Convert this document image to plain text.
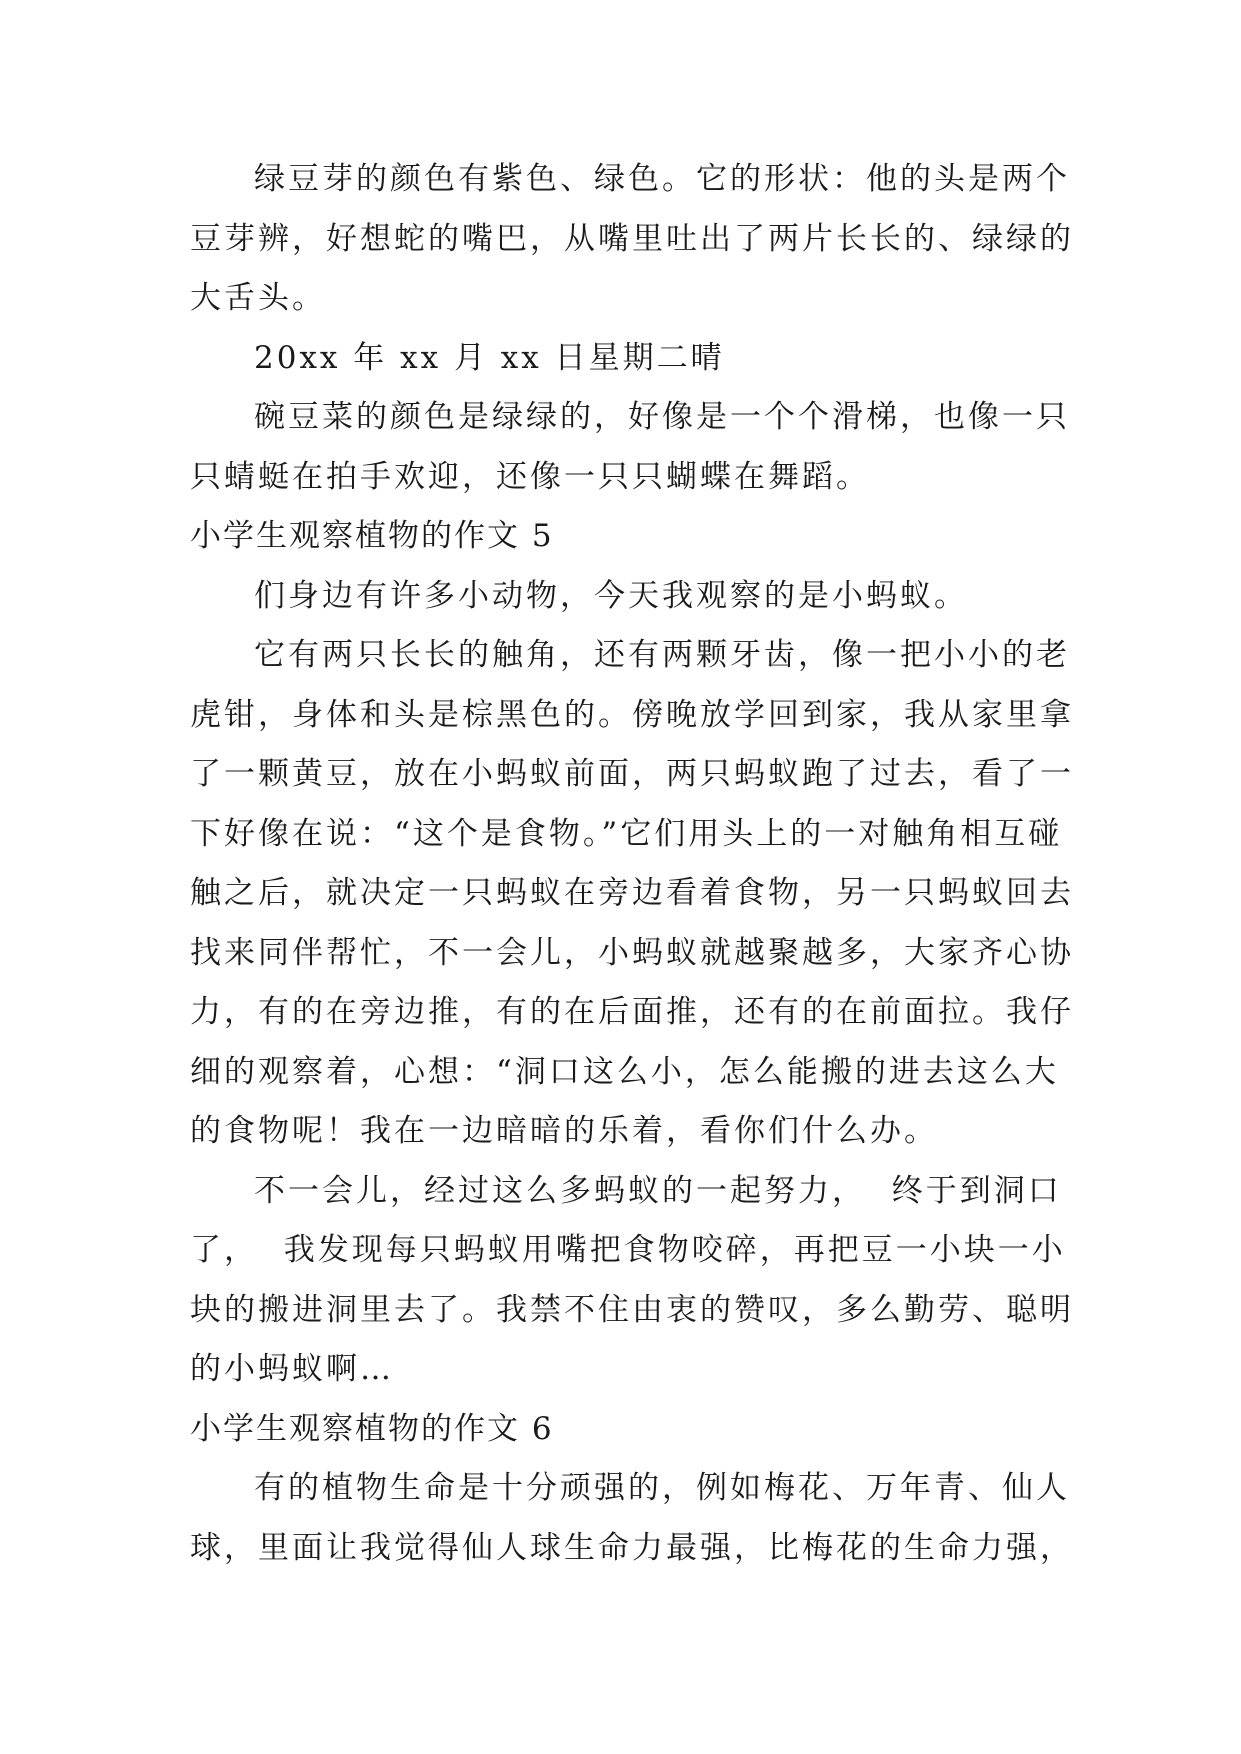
绿豆芽的颜色有紫色、绿色。它的形状：他的头是两个
豆芽辨，好想蛇的嘴巴，从嘴里吐出了两片长长的、绿绿的
大舌头。
20xx 年 xx 月 xx 日星期二晴
碗豆菜的颜色是绿绿的，好像是一个个滑梯，也像一只
只蜻蜓在拍手欢迎，还像一只只蝴蝶在舞蹈。
小学生观察植物的作文 5
们身边有许多小动物，今天我观察的是小蚂蚁。
它有两只长长的触角，还有两颗牙齿，像一把小小的老
虎钳，身体和头是棕黑色的。傍晚放学回到家，我从家里拿
了一颗黄豆，放在小蚂蚁前面，两只蚂蚁跑了过去，看了一
下好像在说：“这个是食物。”它们用头上的一对触角相互碰
触之后，就决定一只蚂蚁在旁边看着食物，另一只蚂蚁回去
找来同伴帮忙，不一会儿，小蚂蚁就越聚越多，大家齐心协
力，有的在旁边推，有的在后面推，还有的在前面拉。我仔
细的观察着，心想：“洞口这么小，怎么能搬的进去这么大
的食物呢！我在一边暗暗的乐着，看你们什么办。
不一会儿，经过这么多蚂蚁的一起努力，  终于到洞口
了，  我发现每只蚂蚁用嘴把食物咬碎，再把豆一小块一小
块的搬进洞里去了。我禁不住由衷的赞叹，多么勤劳、聪明
的小蚂蚁啊…
小学生观察植物的作文 6
有的植物生命是十分顽强的，例如梅花、万年青、仙人
球，里面让我觉得仙人球生命力最强，比梅花的生命力强，
